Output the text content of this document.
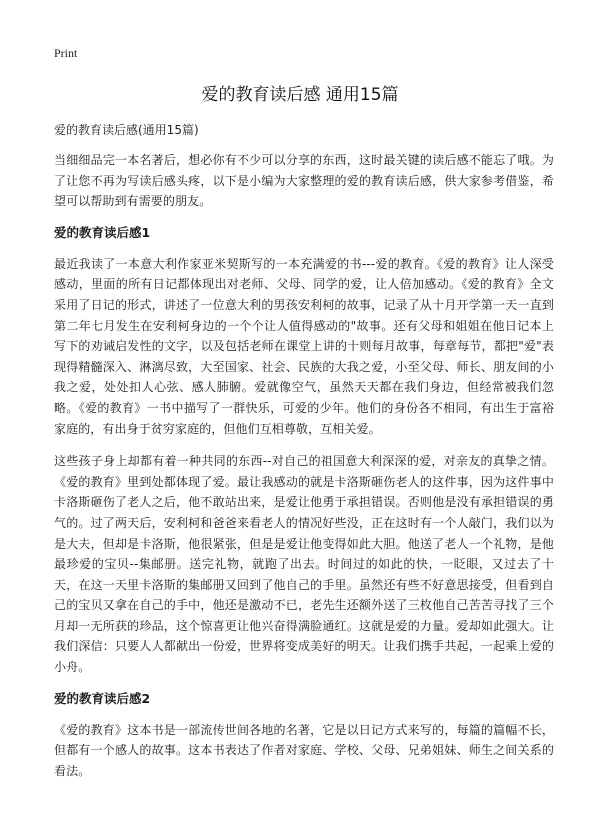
Print
爱的教育读后感 通用15篇
爱的教育读后感(通用15篇)

当细细品完一本名著后，想必你有不少可以分享的东西，这时最关键的读后感不能忘了哦。为了让您不再为写读后感头疼，以下是小编为大家整理的爱的教育读后感，供大家参考借鉴，希望可以帮助到有需要的朋友。

爱的教育读后感1

最近我读了一本意大利作家亚米契斯写的一本充满爱的书---爱的教育。《爱的教育》让人深受感动，里面的所有日记都体现出对老师、父母、同学的爱，让人倍加感动。《爱的教育》全文采用了日记的形式，讲述了一位意大利的男孩安利柯的故事，记录了从十月开学第一天一直到第二年七月发生在安利柯身边的一个个让人值得感动的"故事。还有父母和姐姐在他日记本上写下的劝诫启发性的文字，以及包括老师在课堂上讲的十则每月故事，每章每节，都把"爱"表现得精髓深入、淋漓尽致，大至国家、社会、民族的大我之爱，小至父母、师长、朋友间的小我之爱，处处扣人心弦、感人肺腑。爱就像空气，虽然天天都在我们身边，但经常被我们忽略。《爱的教育》一书中描写了一群快乐，可爱的少年。他们的身份各不相同，有出生于富裕家庭的，有出身于贫穷家庭的，但他们互相尊敬，互相关爱。

这些孩子身上却都有着一种共同的东西--对自己的祖国意大利深深的爱，对亲友的真挚之情。《爱的教育》里到处都体现了爱。最让我感动的就是卡洛斯砸伤老人的这件事，因为这件事中卡洛斯砸伤了老人之后，他不敢站出来，是爱让他勇于承担错误。否则他是没有承担错误的勇气的。过了两天后，安利柯和爸爸来看老人的情况好些没，正在这时有一个人敲门，我们以为是大夫，但却是卡洛斯，他很紧张，但是是爱让他变得如此大胆。他送了老人一个礼物，是他最珍爱的宝贝--集邮册。送完礼物，就跑了出去。时间过的如此的快，一眨眼，又过去了十天，在这一天里卡洛斯的集邮册又回到了他自己的手里。虽然还有些不好意思接受，但看到自己的宝贝又拿在自己的手中，他还是激动不已，老先生还额外送了三枚他自己苦苦寻找了三个月却一无所获的珍品，这个惊喜更让他兴奋得满脸通红。这就是爱的力量。爱却如此强大。让我们深信：只要人人都献出一份爱，世界将变成美好的明天。让我们携手共起，一起乘上爱的小舟。

爱的教育读后感2

《爱的教育》这本书是一部流传世间各地的名著，它是以日记方式来写的，每篇的篇幅不长，但都有一个感人的故事。这本书表达了作者对家庭、学校、父母、兄弟姐妹、师生之间关系的看法。
